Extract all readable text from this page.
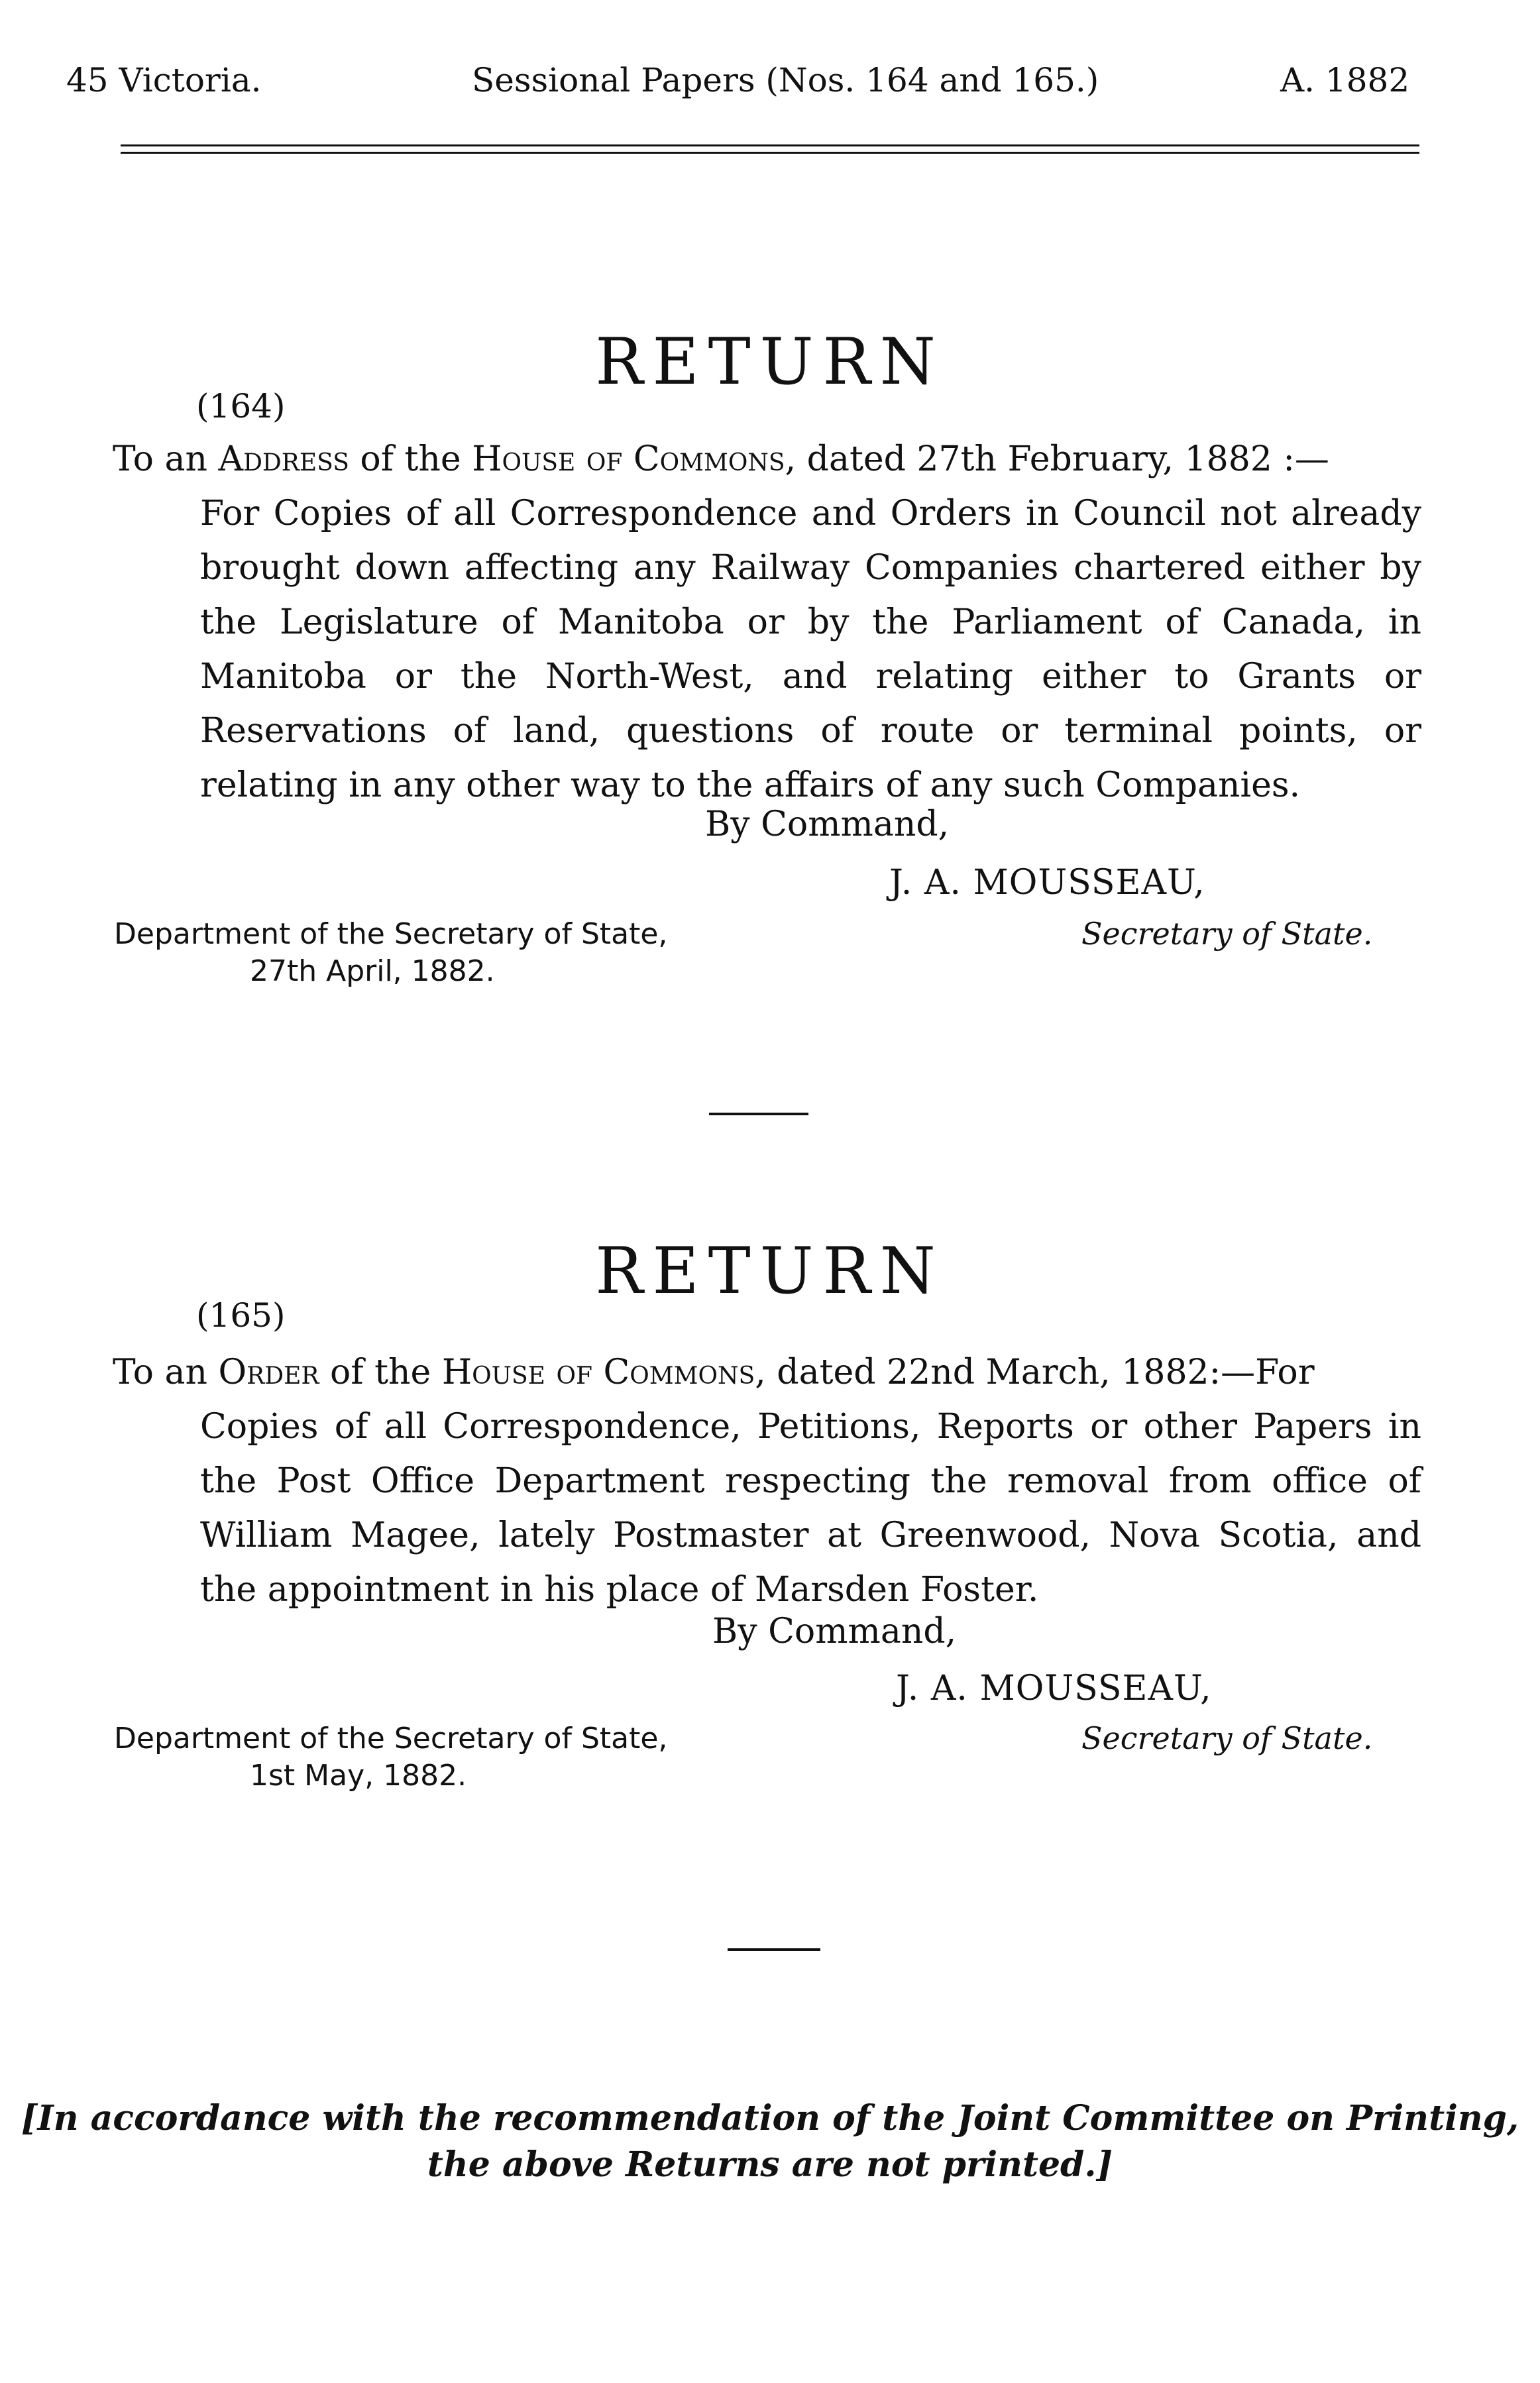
45 Victoria.	Sessional Papers (Nos. 164 and 165.)	A. 1882
RETURN
(164)
To an Address of the House of Commons, dated 27th February, 1882 :—

For Copies of all Correspondence and Orders in Council not already brought down affecting any Railway Companies chartered either by the Legislature of Manitoba or by the Parliament of Canada, in Manitoba or the North-West, and relating either to Grants or Reservations of land, questions of route or terminal points, or relating in any other way to the affairs of any such Companies.

By Command,
J. A. MOUSSEAU,
Department of the Secretary of State,
27th April, 1882.
Secretary of State.
RETURN
(165)
To an Order of the House of Commons, dated 22nd March, 1882:—For

Copies of all Correspondence, Petitions, Reports or other Papers in the Post Office Department respecting the removal from office of William Magee, lately Postmaster at Greenwood, Nova Scotia, and the appointment in his place of Marsden Foster.

By Command,
J. A. MOUSSEAU,
Department of the Secretary of State,
1st May, 1882.
Secretary of State.
[In accordance with the recommendation of the Joint Committee on Printing,
the above Returns are not printed.]
